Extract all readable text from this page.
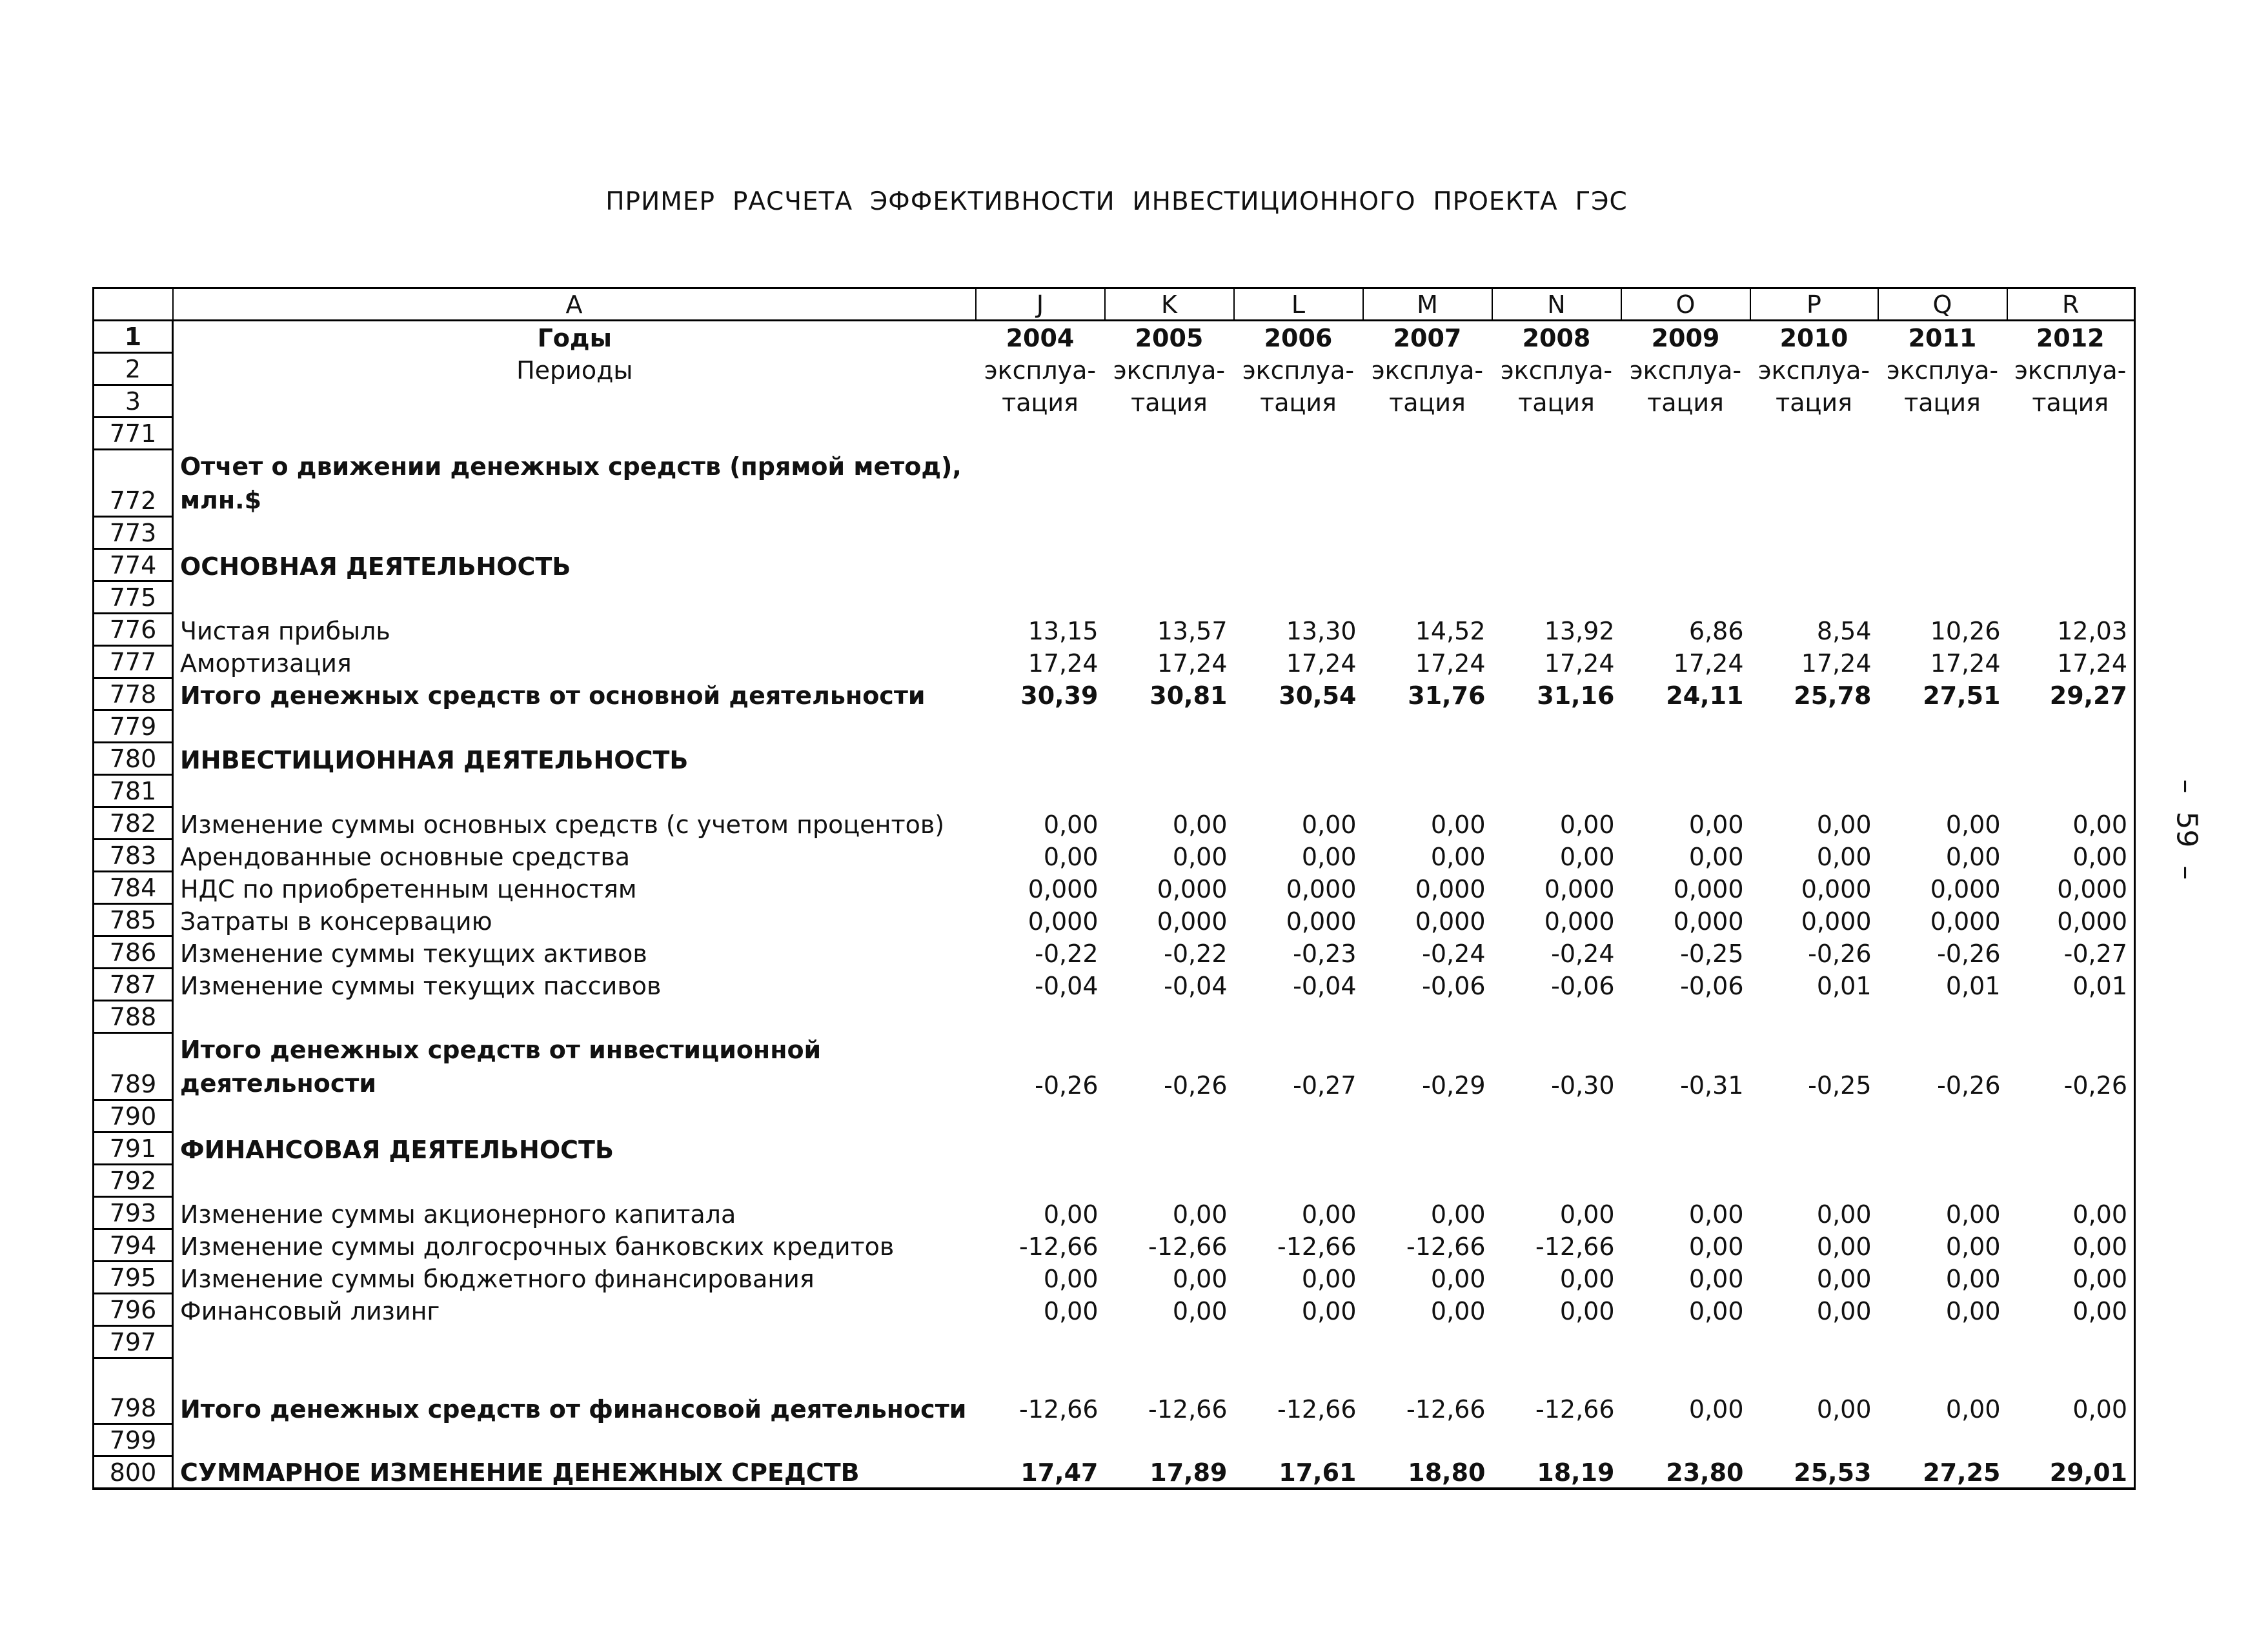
ПРИМЕР  РАСЧЕТА  ЭФФЕКТИВНОСТИ  ИНВЕСТИЦИОННОГО  ПРОЕКТА  ГЭС
–  59  –
	A	J	K	L	M	N	O	P	Q	R
1	Годы	2004	2005	2006	2007	2008	2009	2010	2011	2012
2	Периоды	эксплуа-	эксплуа-	эксплуа-	эксплуа-	эксплуа-	эксплуа-	эксплуа-	эксплуа-	эксплуа-
3		тация	тация	тация	тация	тация	тация	тация	тация	тация
771										
772	Отчет о движении денежных средств (прямой метод), млн.$									
773										
774	ОСНОВНАЯ ДЕЯТЕЛЬНОСТЬ									
775										
776	Чистая прибыль	13,15	13,57	13,30	14,52	13,92	6,86	8,54	10,26	12,03
777	Амортизация	17,24	17,24	17,24	17,24	17,24	17,24	17,24	17,24	17,24
778	Итого денежных средств от основной деятельности	30,39	30,81	30,54	31,76	31,16	24,11	25,78	27,51	29,27
779										
780	ИНВЕСТИЦИОННАЯ ДЕЯТЕЛЬНОСТЬ									
781										
782	Изменение суммы основных средств (с учетом процентов)	0,00	0,00	0,00	0,00	0,00	0,00	0,00	0,00	0,00
783	Арендованные основные средства	0,00	0,00	0,00	0,00	0,00	0,00	0,00	0,00	0,00
784	НДС по приобретенным ценностям	0,000	0,000	0,000	0,000	0,000	0,000	0,000	0,000	0,000
785	Затраты в консервацию	0,000	0,000	0,000	0,000	0,000	0,000	0,000	0,000	0,000
786	Изменение суммы текущих активов	-0,22	-0,22	-0,23	-0,24	-0,24	-0,25	-0,26	-0,26	-0,27
787	Изменение суммы текущих пассивов	-0,04	-0,04	-0,04	-0,06	-0,06	-0,06	0,01	0,01	0,01
788										
789	Итого денежных средств от инвестиционной деятельности	-0,26	-0,26	-0,27	-0,29	-0,30	-0,31	-0,25	-0,26	-0,26
790										
791	ФИНАНСОВАЯ ДЕЯТЕЛЬНОСТЬ									
792										
793	Изменение суммы акционерного капитала	0,00	0,00	0,00	0,00	0,00	0,00	0,00	0,00	0,00
794	Изменение суммы долгосрочных банковских кредитов	-12,66	-12,66	-12,66	-12,66	-12,66	0,00	0,00	0,00	0,00
795	Изменение суммы бюджетного финансирования	0,00	0,00	0,00	0,00	0,00	0,00	0,00	0,00	0,00
796	Финансовый лизинг	0,00	0,00	0,00	0,00	0,00	0,00	0,00	0,00	0,00
797										
798	Итого денежных средств от финансовой деятельности	-12,66	-12,66	-12,66	-12,66	-12,66	0,00	0,00	0,00	0,00
799										
800	СУММАРНОЕ ИЗМЕНЕНИЕ ДЕНЕЖНЫХ СРЕДСТВ	17,47	17,89	17,61	18,80	18,19	23,80	25,53	27,25	29,01
